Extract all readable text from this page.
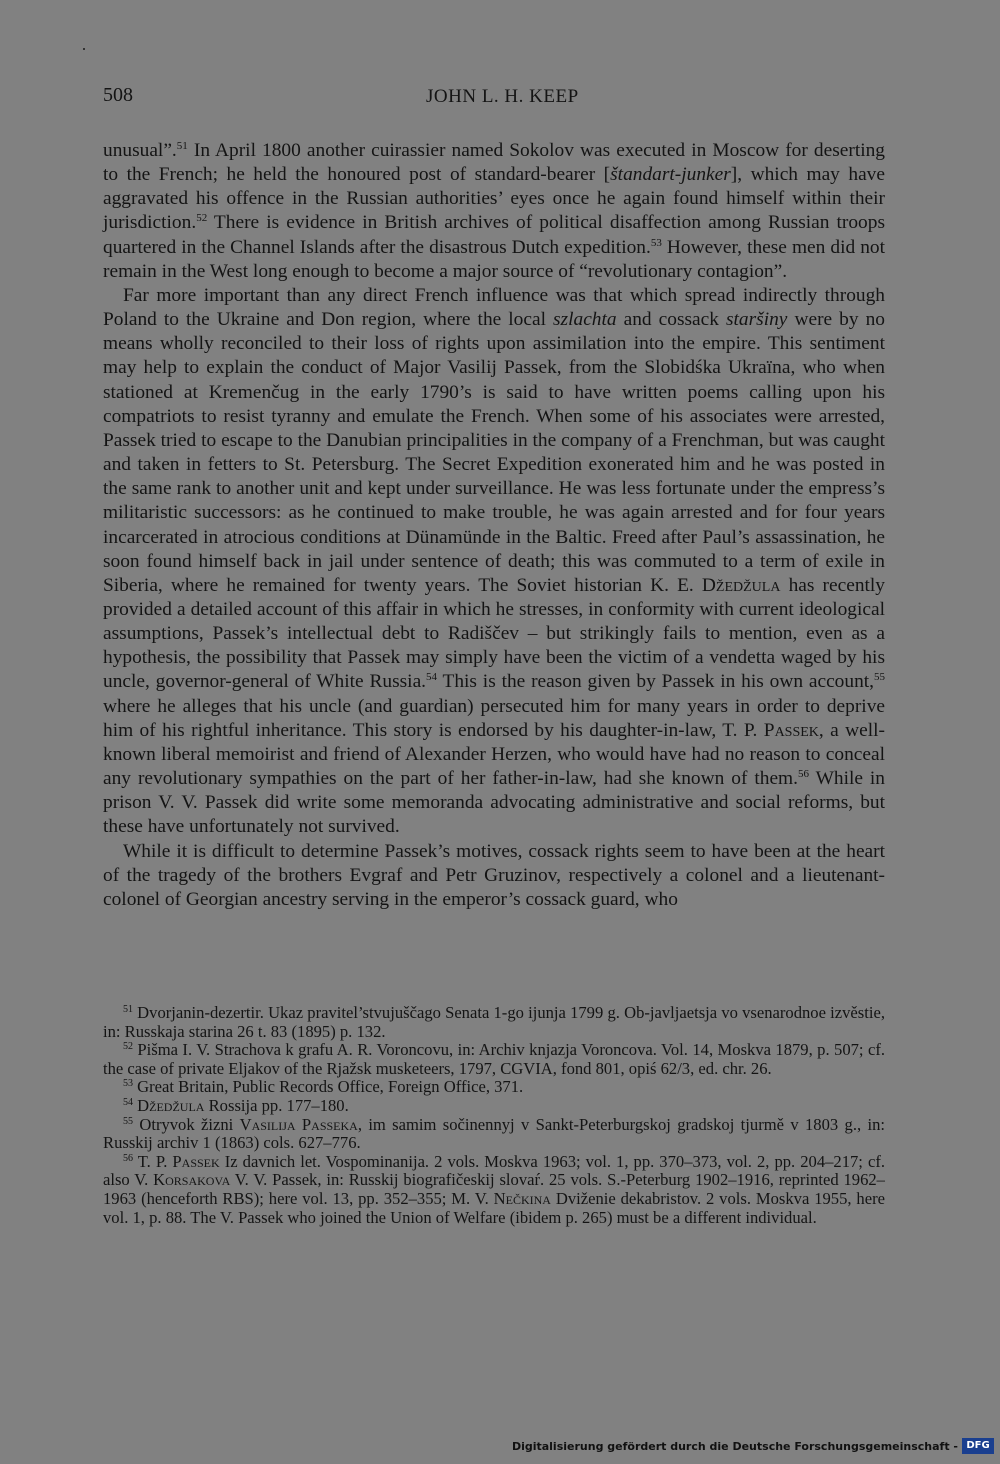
508	JOHN L. H. KEEP

unusual”.$^{51}$ In April 1800 another cuirassier named Sokolov was executed in Moscow for deserting to the French; he held the honoured post of standard-bearer [štandart-junker], which may have aggravated his offence in the Russian authorities’ eyes once he again found himself within their jurisdiction.$^{52}$ There is evidence in British archives of political disaffection among Russian troops quartered in the Channel Islands after the disastrous Dutch expedition.$^{53}$ However, these men did not remain in the West long enough to become a major source of “revolutionary contagion”.

Far more important than any direct French influence was that which spread indirectly through Poland to the Ukraine and Don region, where the local szlachta and cossack staršiny were by no means wholly reconciled to their loss of rights upon assimilation into the empire. This sentiment may help to explain the conduct of Major Vasilij Passek, from the Slobidśka Ukraïna, who when stationed at Kremenčug in the early 1790’s is said to have written poems calling upon his compatriots to resist tyranny and emulate the French. When some of his associates were arrested, Passek tried to escape to the Danubian principalities in the company of a Frenchman, but was caught and taken in fetters to St. Petersburg. The Secret Expedition exonerated him and he was posted in the same rank to another unit and kept under surveillance. He was less fortunate under the empress’s militaristic successors: as he continued to make trouble, he was again arrested and for four years incarcerated in atrocious conditions at Dünamünde in the Baltic. Freed after Paul’s assassination, he soon found himself back in jail under sentence of death; this was commuted to a term of exile in Siberia, where he remained for twenty years. The Soviet historian K. E. Džedžula has recently provided a detailed account of this affair in which he stresses, in conformity with current ideological assumptions, Passek’s intellectual debt to Radiščev – but strikingly fails to mention, even as a hypothesis, the possibility that Passek may simply have been the victim of a vendetta waged by his uncle, governor-general of White Russia.$^{54}$ This is the reason given by Passek in his own account,$^{55}$ where he alleges that his uncle (and guardian) persecuted him for many years in order to deprive him of his rightful inheritance. This story is endorsed by his daughter-in-law, T. P. Passek, a well-known liberal memoirist and friend of Alexander Herzen, who would have had no reason to conceal any revolutionary sympathies on the part of her father-in-law, had she known of them.$^{56}$ While in prison V. V. Passek did write some memoranda advocating administrative and social reforms, but these have unfortunately not survived.

While it is difficult to determine Passek’s motives, cossack rights seem to have been at the heart of the tragedy of the brothers Evgraf and Petr Gruzinov, respectively a colonel and a lieutenant-colonel of Georgian ancestry serving in the emperor’s cossack guard, who

$^{51}$ Dvorjanin-dezertir. Ukaz pravitel’stvujuščago Senata 1-go ijunja 1799 g. Ob-javljaetsja vo vsenarodnoe izvěstie, in: Russkaja starina 26 t. 83 (1895) p. 132.

$^{52}$ Pišma I. V. Strachova k grafu A. R. Voroncovu, in: Archiv knjazja Voroncova. Vol. 14, Moskva 1879, p. 507; cf. the case of private Eljakov of the Rjažsk musketeers, 1797, CGVIA, fond 801, opiś 62/3, ed. chr. 26.

$^{53}$ Great Britain, Public Records Office, Foreign Office, 371.

$^{54}$ Džedžula Rossija pp. 177–180.

$^{55}$ Otryvok žizni Vasilija Passeka, im samim sočinennyj v Sankt-Peterburgskoj gradskoj tjurmě v 1803 g., in: Russkij archiv 1 (1863) cols. 627–776.

$^{56}$ T. P. Passek Iz davnich let. Vospominanija. 2 vols. Moskva 1963; vol. 1, pp. 370–373, vol. 2, pp. 204–217; cf. also V. Korsakova V. V. Passek, in: Russkij biografičeskij slovaŕ. 25 vols. S.-Peterburg 1902–1916, reprinted 1962–1963 (henceforth RBS); here vol. 13, pp. 352–355; M. V. Nečkina Dviženie dekabristov. 2 vols. Moskva 1955, here vol. 1, p. 88. The V. Passek who joined the Union of Welfare (ibidem p. 265) must be a different individual.

Digitalisierung gefördert durch die Deutsche Forschungsgemeinschaft - DFG
